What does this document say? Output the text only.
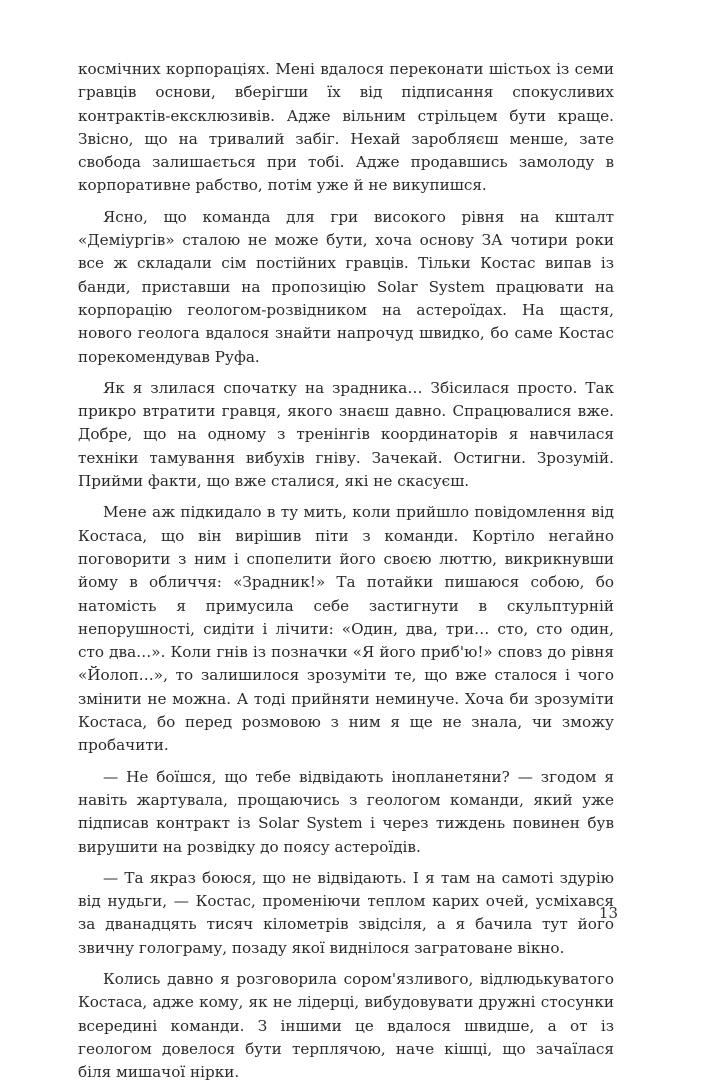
космічних корпораціях. Мені вдалося переконати шістьох із семи гравців основи, вберігши їх від підписання спокусливих контрактів-ексклюзивів. Адже вільним стрільцем бути краще. Звісно, що на тривалий забіг. Нехай заробляєш менше, зате свобода залишається при тобі. Адже продавшись замолоду в корпоративне рабство, потім уже й не викупишся.

Ясно, що команда для гри високого рівня на кшталт «Деміургів» сталою не може бути, хоча основу ЗА чотири роки все ж складали сім постійних гравців. Тільки Костас випав із банди, приставши на пропозицію Solar System працювати на корпорацію геологом-розвідником на астероїдах. На щастя, нового геолога вдалося знайти напрочуд швидко, бо саме Костас порекомендував Руфа.

Як я злилася спочатку на зрадника… Збісилася просто. Так прикро втратити гравця, якого знаєш давно. Спрацювалися вже. Добре, що на одному з тренінгів координаторів я навчилася техніки тамування вибухів гніву. Зачекай. Остигни. Зрозумій. Прийми факти, що вже сталися, які не скасуєш.

Мене аж підкидало в ту мить, коли прийшло повідомлення від Костаса, що він вирішив піти з команди. Кортіло негайно поговорити з ним і спопелити його своєю люттю, викрикнувши йому в обличчя: «Зрадник!» Та потайки пишаюся собою, бо натомість я примусила себе застигнути в скульптурній непорушності, сидіти і лічити: «Один, два, три… сто, сто один, сто два…». Коли гнів із позначки «Я його приб'ю!» сповз до рівня «Йолоп…», то залишилося зрозуміти те, що вже сталося і чого змінити не можна. А тоді прийняти неминуче. Хоча би зрозуміти Костаса, бо перед розмовою з ним я ще не знала, чи зможу пробачити.

— Не боїшся, що тебе відвідають інопланетяни? — згодом я навіть жартувала, прощаючись з геологом команди, який уже підписав контракт із Solar System і через тиждень повинен був вирушити на розвідку до поясу астероїдів.

— Та якраз боюся, що не відвідають. І я там на самоті здурію від нудьги, — Костас, променіючи теплом карих очей, усміхався за дванадцять тисяч кілометрів звідсіля, а я бачила тут його звичну голограму, позаду якої виднілося загратоване вікно.

Колись давно я розговорила сором'язливого, відлюдькуватого Костаса, адже кому, як не лідерці, вибудовувати дружні стосунки всередині команди. З іншими це вдалося швидше, а от із геологом довелося бути терплячою, наче кішці, що зачаїлася біля мишачої нірки.

13
